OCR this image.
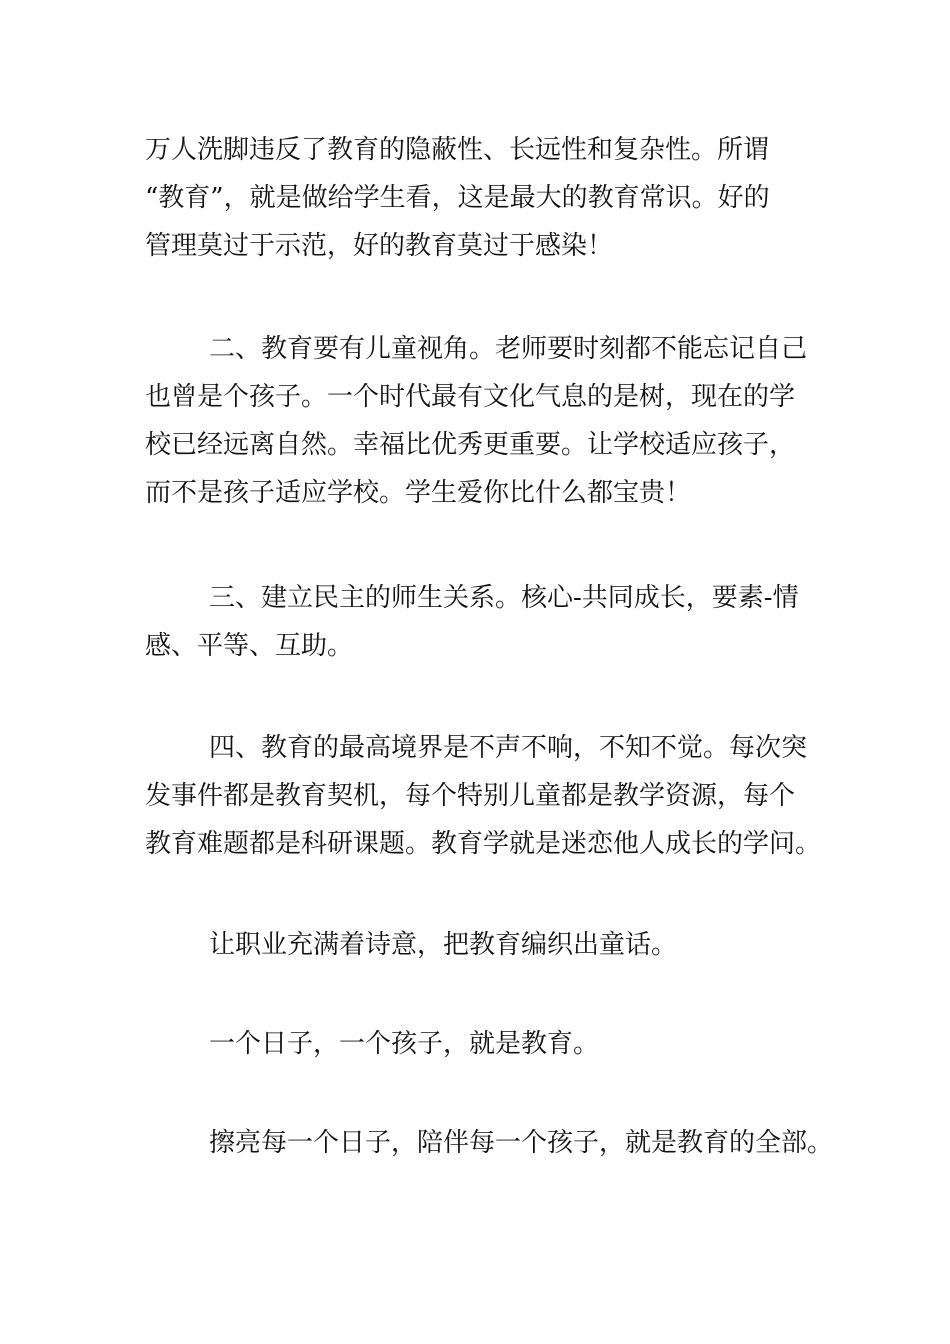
万人洗脚违反了教育的隐蔽性、长远性和复杂性。所谓
“教育”，就是做给学生看，这是最大的教育常识。好的
管理莫过于示范，好的教育莫过于感染！
二、教育要有儿童视角。老师要时刻都不能忘记自己
也曾是个孩子。一个时代最有文化气息的是树，现在的学
校已经远离自然。幸福比优秀更重要。让学校适应孩子，
而不是孩子适应学校。学生爱你比什么都宝贵！
三、建立民主的师生关系。核心-共同成长，要素-情
感、平等、互助。
四、教育的最高境界是不声不响，不知不觉。每次突
发事件都是教育契机，每个特别儿童都是教学资源，每个
教育难题都是科研课题。教育学就是迷恋他人成长的学问。
让职业充满着诗意，把教育编织出童话。
一个日子，一个孩子，就是教育。
擦亮每一个日子，陪伴每一个孩子，就是教育的全部。
